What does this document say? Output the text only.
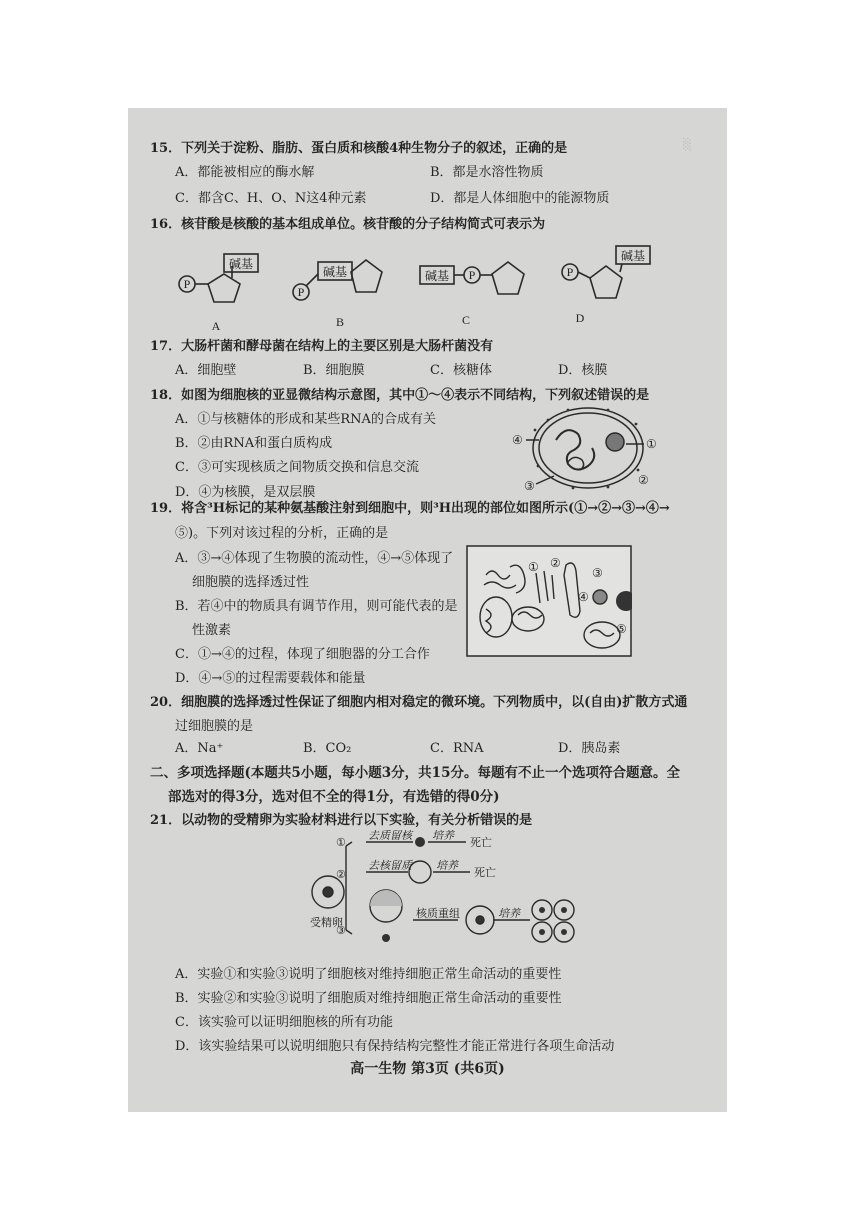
░
15．下列关于淀粉、脂肪、蛋白质和核酸4种生物分子的叙述，正确的是
A．都能被相应的酶水解	B．都是水溶性物质
C．都含C、H、O、N这4种元素	D．都是人体细胞中的能源物质
16．核苷酸是核酸的基本组成单位。核苷酸的分子结构简式可表示为
P
碱基
P
碱基	碱基 P	P
碱基
A	B	C	D
17．大肠杆菌和酵母菌在结构上的主要区别是大肠杆菌没有
A．细胞壁	B．细胞膜	C．核糖体	D．核膜
18．如图为细胞核的亚显微结构示意图，其中①～④表示不同结构，下列叙述错误的是
A．①与核糖体的形成和某些RNA的合成有关
B．②由RNA和蛋白质构成
C．③可实现核质之间物质交换和信息交流
D．④为核膜，是双层膜
①
②
③
④
19．将含³H标记的某种氨基酸注射到细胞中，则³H出现的部位如图所示(①→②→③→④→
⑤)。下列对该过程的分析，正确的是
A．③→④体现了生物膜的流动性，④→⑤体现了
细胞膜的选择透过性
B．若④中的物质具有调节作用，则可能代表的是
性激素
C．①→④的过程，体现了细胞器的分工合作
D．④→⑤的过程需要载体和能量
① ②
③
④
⑤
20．细胞膜的选择透过性保证了细胞内相对稳定的微环境。下列物质中，以(自由)扩散方式通
过细胞膜的是
A．Na⁺	B．CO₂	C．RNA	D．胰岛素
二、多项选择题(本题共5小题，每小题3分，共15分。每题有不止一个选项符合题意。全
部选对的得3分，选对但不全的得1分，有选错的得0分)
21．以动物的受精卵为实验材料进行以下实验，有关分析错误的是
①
②
③
去质留核 培养
死亡
去核留质 培养
死亡
核质重组	培养
受精卵
A．实验①和实验③说明了细胞核对维持细胞正常生命活动的重要性
B．实验②和实验③说明了细胞质对维持细胞正常生命活动的重要性
C．该实验可以证明细胞核的所有功能
D．该实验结果可以说明细胞只有保持结构完整性才能正常进行各项生命活动
高一生物 第3页 (共6页)
